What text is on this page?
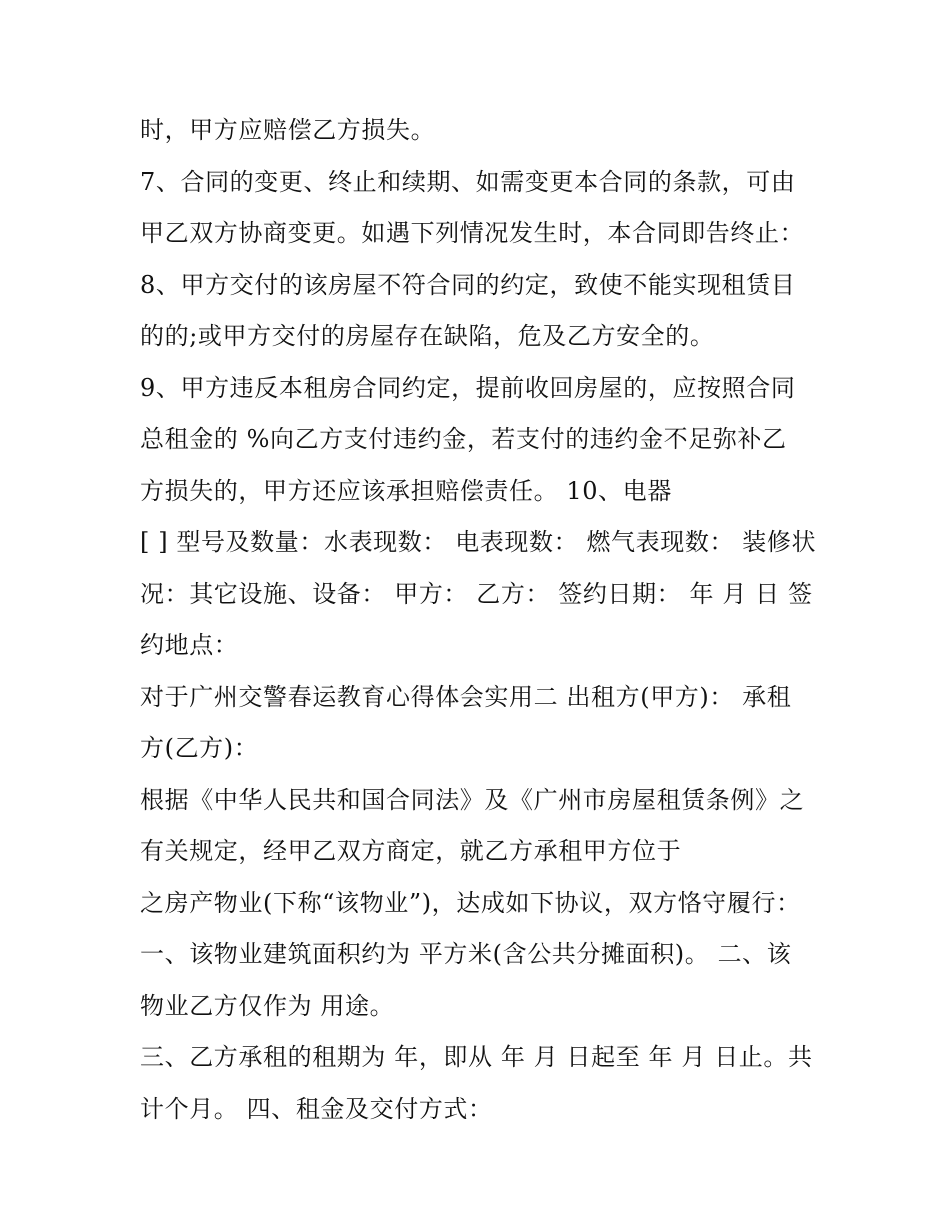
时，甲方应赔偿乙方损失。
7、合同的变更、终止和续期、如需变更本合同的条款，可由
甲乙双方协商变更。如遇下列情况发生时，本合同即告终止：
8、甲方交付的该房屋不符合同的约定，致使不能实现租赁目
的的;或甲方交付的房屋存在缺陷，危及乙方安全的。
9、甲方违反本租房合同约定，提前收回房屋的，应按照合同
总租金的 %向乙方支付违约金，若支付的违约金不足弥补乙
方损失的，甲方还应该承担赔偿责任。 10、电器
[ ] 型号及数量：水表现数： 电表现数： 燃气表现数： 装修状
况：其它设施、设备： 甲方： 乙方： 签约日期： 年 月 日 签
约地点：
对于广州交警春运教育心得体会实用二 出租方(甲方)： 承租
方(乙方)：
根据《中华人民共和国合同法》及《广州市房屋租赁条例》之
有关规定，经甲乙双方商定，就乙方承租甲方位于
之房产物业(下称“该物业”)，达成如下协议，双方恪守履行：
一、该物业建筑面积约为 平方米(含公共分摊面积)。 二、该
物业乙方仅作为 用途。
三、乙方承租的租期为 年，即从 年 月 日起至 年 月 日止。共
计个月。 四、租金及交付方式：
